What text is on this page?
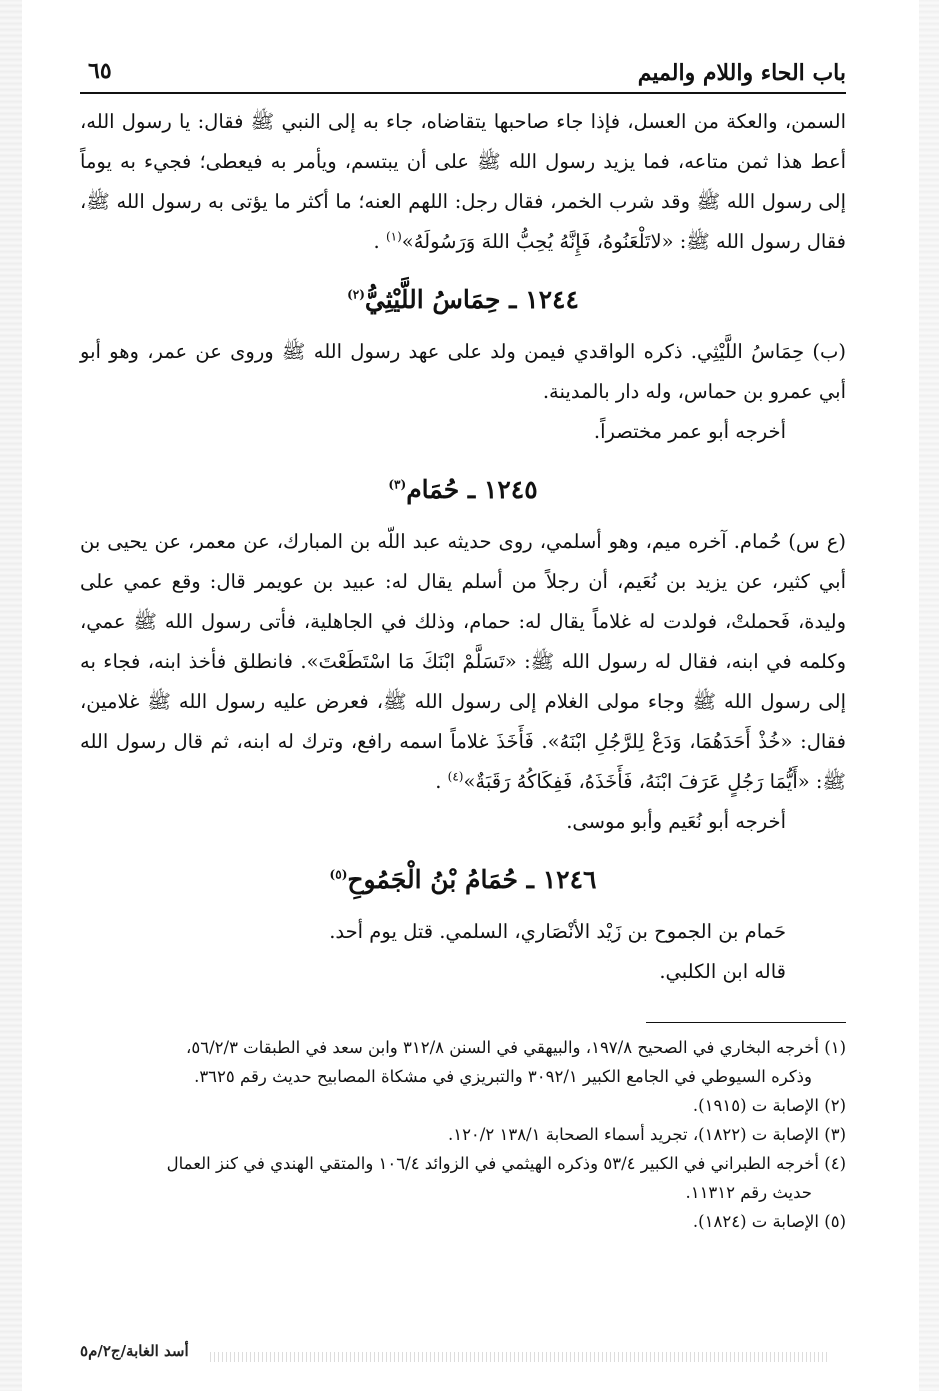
باب الحاء واللام والميم
٦٥

السمن، والعكة من العسل، فإذا جاء صاحبها يتقاضاه، جاء به إلى النبي ﷺ فقال: يا رسول الله، أعط هذا ثمن متاعه، فما يزيد رسول الله ﷺ على أن يبتسم، ويأمر به فيعطى؛ فجيء به يوماً إلى رسول الله ﷺ وقد شرب الخمر، فقال رجل: اللهم العنه؛ ما أكثر ما يؤتى به رسول الله ﷺ، فقال رسول الله ﷺ: «لاتَلْعَنُوهُ، فَإِنَّهُ يُحِبُّ اللهَ وَرَسُولَهُ»$^{(١)}$ .

١٢٤٤ ـ حِمَاسُ اللَّيْثِيُّ$^{(٢)}$

(ب) حِمَاسُ اللَّيْثِي. ذكره الواقدي فيمن ولد على عهد رسول الله ﷺ وروى عن عمر، وهو أبو أبي عمرو بن حماس، وله دار بالمدينة.

أخرجه أبو عمر مختصراً.

١٢٤٥ ـ حُمَام$^{(٣)}$

(ع س) حُمام. آخره ميم، وهو أسلمي، روى حديثه عبد اللّه بن المبارك، عن معمر، عن يحيى بن أبي كثير، عن يزيد بن نُعَيم، أن رجلاً من أسلم يقال له: عبيد بن عويمر قال: وقع عمي على وليدة، فَحملتْ، فولدت له غلاماً يقال له: حمام، وذلك في الجاهلية، فأتى رسول الله ﷺ عمي، وكلمه في ابنه، فقال له رسول الله ﷺ: «تَسَلَّمْ ابْنَكَ مَا اسْتَطَعْتَ». فانطلق فأخذ ابنه، فجاء به إلى رسول الله ﷺ وجاء مولى الغلام إلى رسول الله ﷺ، فعرض عليه رسول الله ﷺ غلامين، فقال: «خُذْ أَحَدَهُمَا، وَدَعْ لِلرَّجُلِ ابْنَهُ». فَأَخَذَ غلاماً اسمه رافع، وترك له ابنه، ثم قال رسول الله ﷺ: «أَيُّمَا رَجُلٍ عَرَفَ ابْنَهُ، فَأَخَذَهُ، فَفِكَاكُهُ رَقَبَةٌ»$^{(٤)}$ .

أخرجه أبو نُعَيم وأبو موسى.

١٢٤٦ ـ حُمَامُ بْنُ الْجَمُوحِ$^{(٥)}$

حَمام بن الجموح بن زَيْد الأنْصَاري، السلمي. قتل يوم أحد.

قاله ابن الكلبي.

(١) أخرجه البخاري في الصحيح ١٩٧/٨، والبيهقي في السنن ٣١٢/٨ وابن سعد في الطبقات ٥٦/٢/٣،

وذكره السيوطي في الجامع الكبير ٣٠٩٢/١ والتبريزي في مشكاة المصابيح حديث رقم ٣٦٢٥.

(٢) الإصابة ت (١٩١٥).

(٣) الإصابة ت (١٨٢٢)، تجريد أسماء الصحابة ١٣٨/١ ١٢٠/٢.

(٤) أخرجه الطبراني في الكبير ٥٣/٤ وذكره الهيثمي في الزوائد ١٠٦/٤ والمتقي الهندي في كنز العمال

حديث رقم ١١٣١٢.

(٥) الإصابة ت (١٨٢٤).

أسد الغابة/ج٢/م٥
